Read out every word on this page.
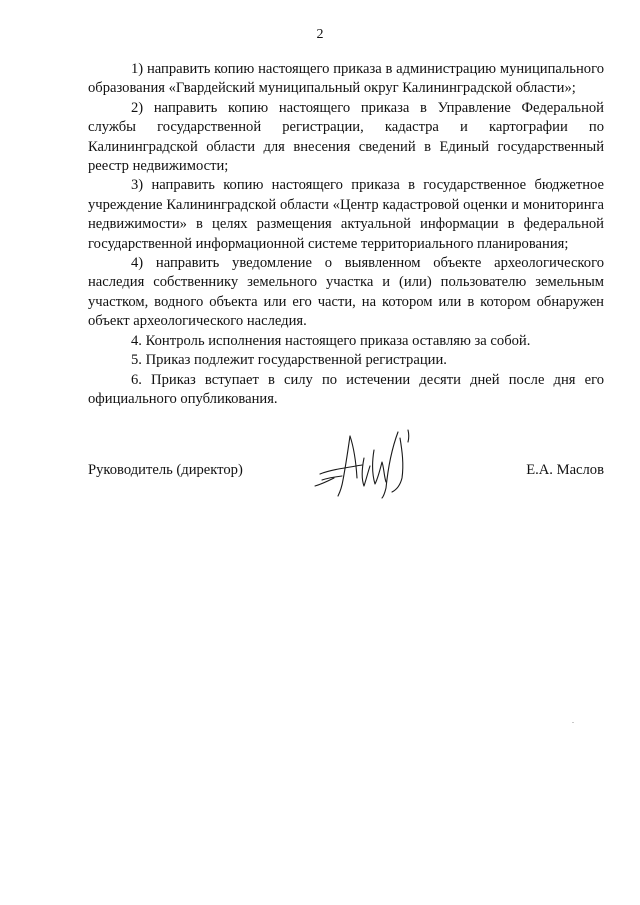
2

1) направить копию настоящего приказа в администрацию муниципального образования «Гвардейский муниципальный округ Калининградской области»;

2) направить копию настоящего приказа в Управление Федеральной службы государственной регистрации, кадастра и картографии по Калининградской области для внесения сведений в Единый государственный реестр недвижимости;

3) направить копию настоящего приказа в государственное бюджетное учреждение Калининградской области «Центр кадастровой оценки и мониторинга недвижимости» в целях размещения актуальной информации в федеральной государственной информационной системе территориального планирования;

4) направить уведомление о выявленном объекте археологического наследия собственнику земельного участка и (или) пользователю земельным участком, водного объекта или его части, на котором или в котором обнаружен объект археологического наследия.

4. Контроль исполнения настоящего приказа оставляю за собой.

5. Приказ подлежит государственной регистрации.

6. Приказ вступает в силу по истечении десяти дней после дня его официального опубликования.

Руководитель (директор)	Е.А. Маслов
